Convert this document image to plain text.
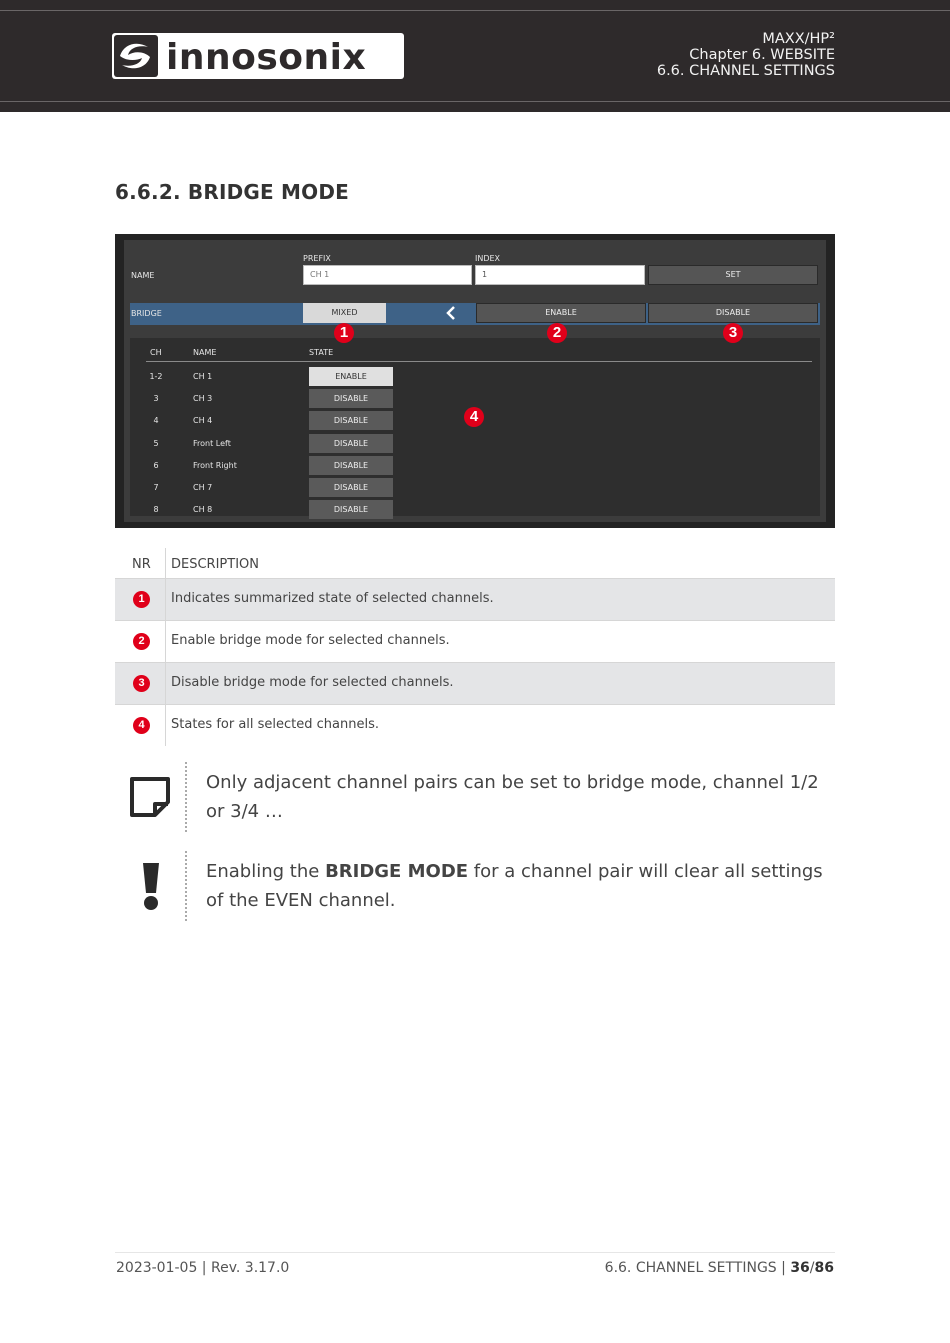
innosonix	MAXX/HP²
Chapter 6. WEBSITE
6.6. CHANNEL SETTINGS
6.6.2. BRIDGE MODE
PREFIX	INDEX
NAME	CH 1	1	SET
BRIDGE	MIXED	ENABLE	DISABLE
CH	NAME	STATE
1-2	CH 1	ENABLE
3	CH 3	DISABLE
4	CH 4	DISABLE
5	Front Left	DISABLE
6	Front Right	DISABLE
7	CH 7	DISABLE
8	CH 8	DISABLE
1	2	3
4
NR DESCRIPTION
1	Indicates summarized state of selected channels.
2	Enable bridge mode for selected channels.
3	Disable bridge mode for selected channels.
4	States for all selected channels.
Only adjacent channel pairs can be set to bridge mode, channel 1/2 or 3/4 …
Enabling the BRIDGE MODE for a channel pair will clear all settings of the EVEN channel.
2023-01-05 | Rev. 3.17.0	6.6. CHANNEL SETTINGS | 36/86
